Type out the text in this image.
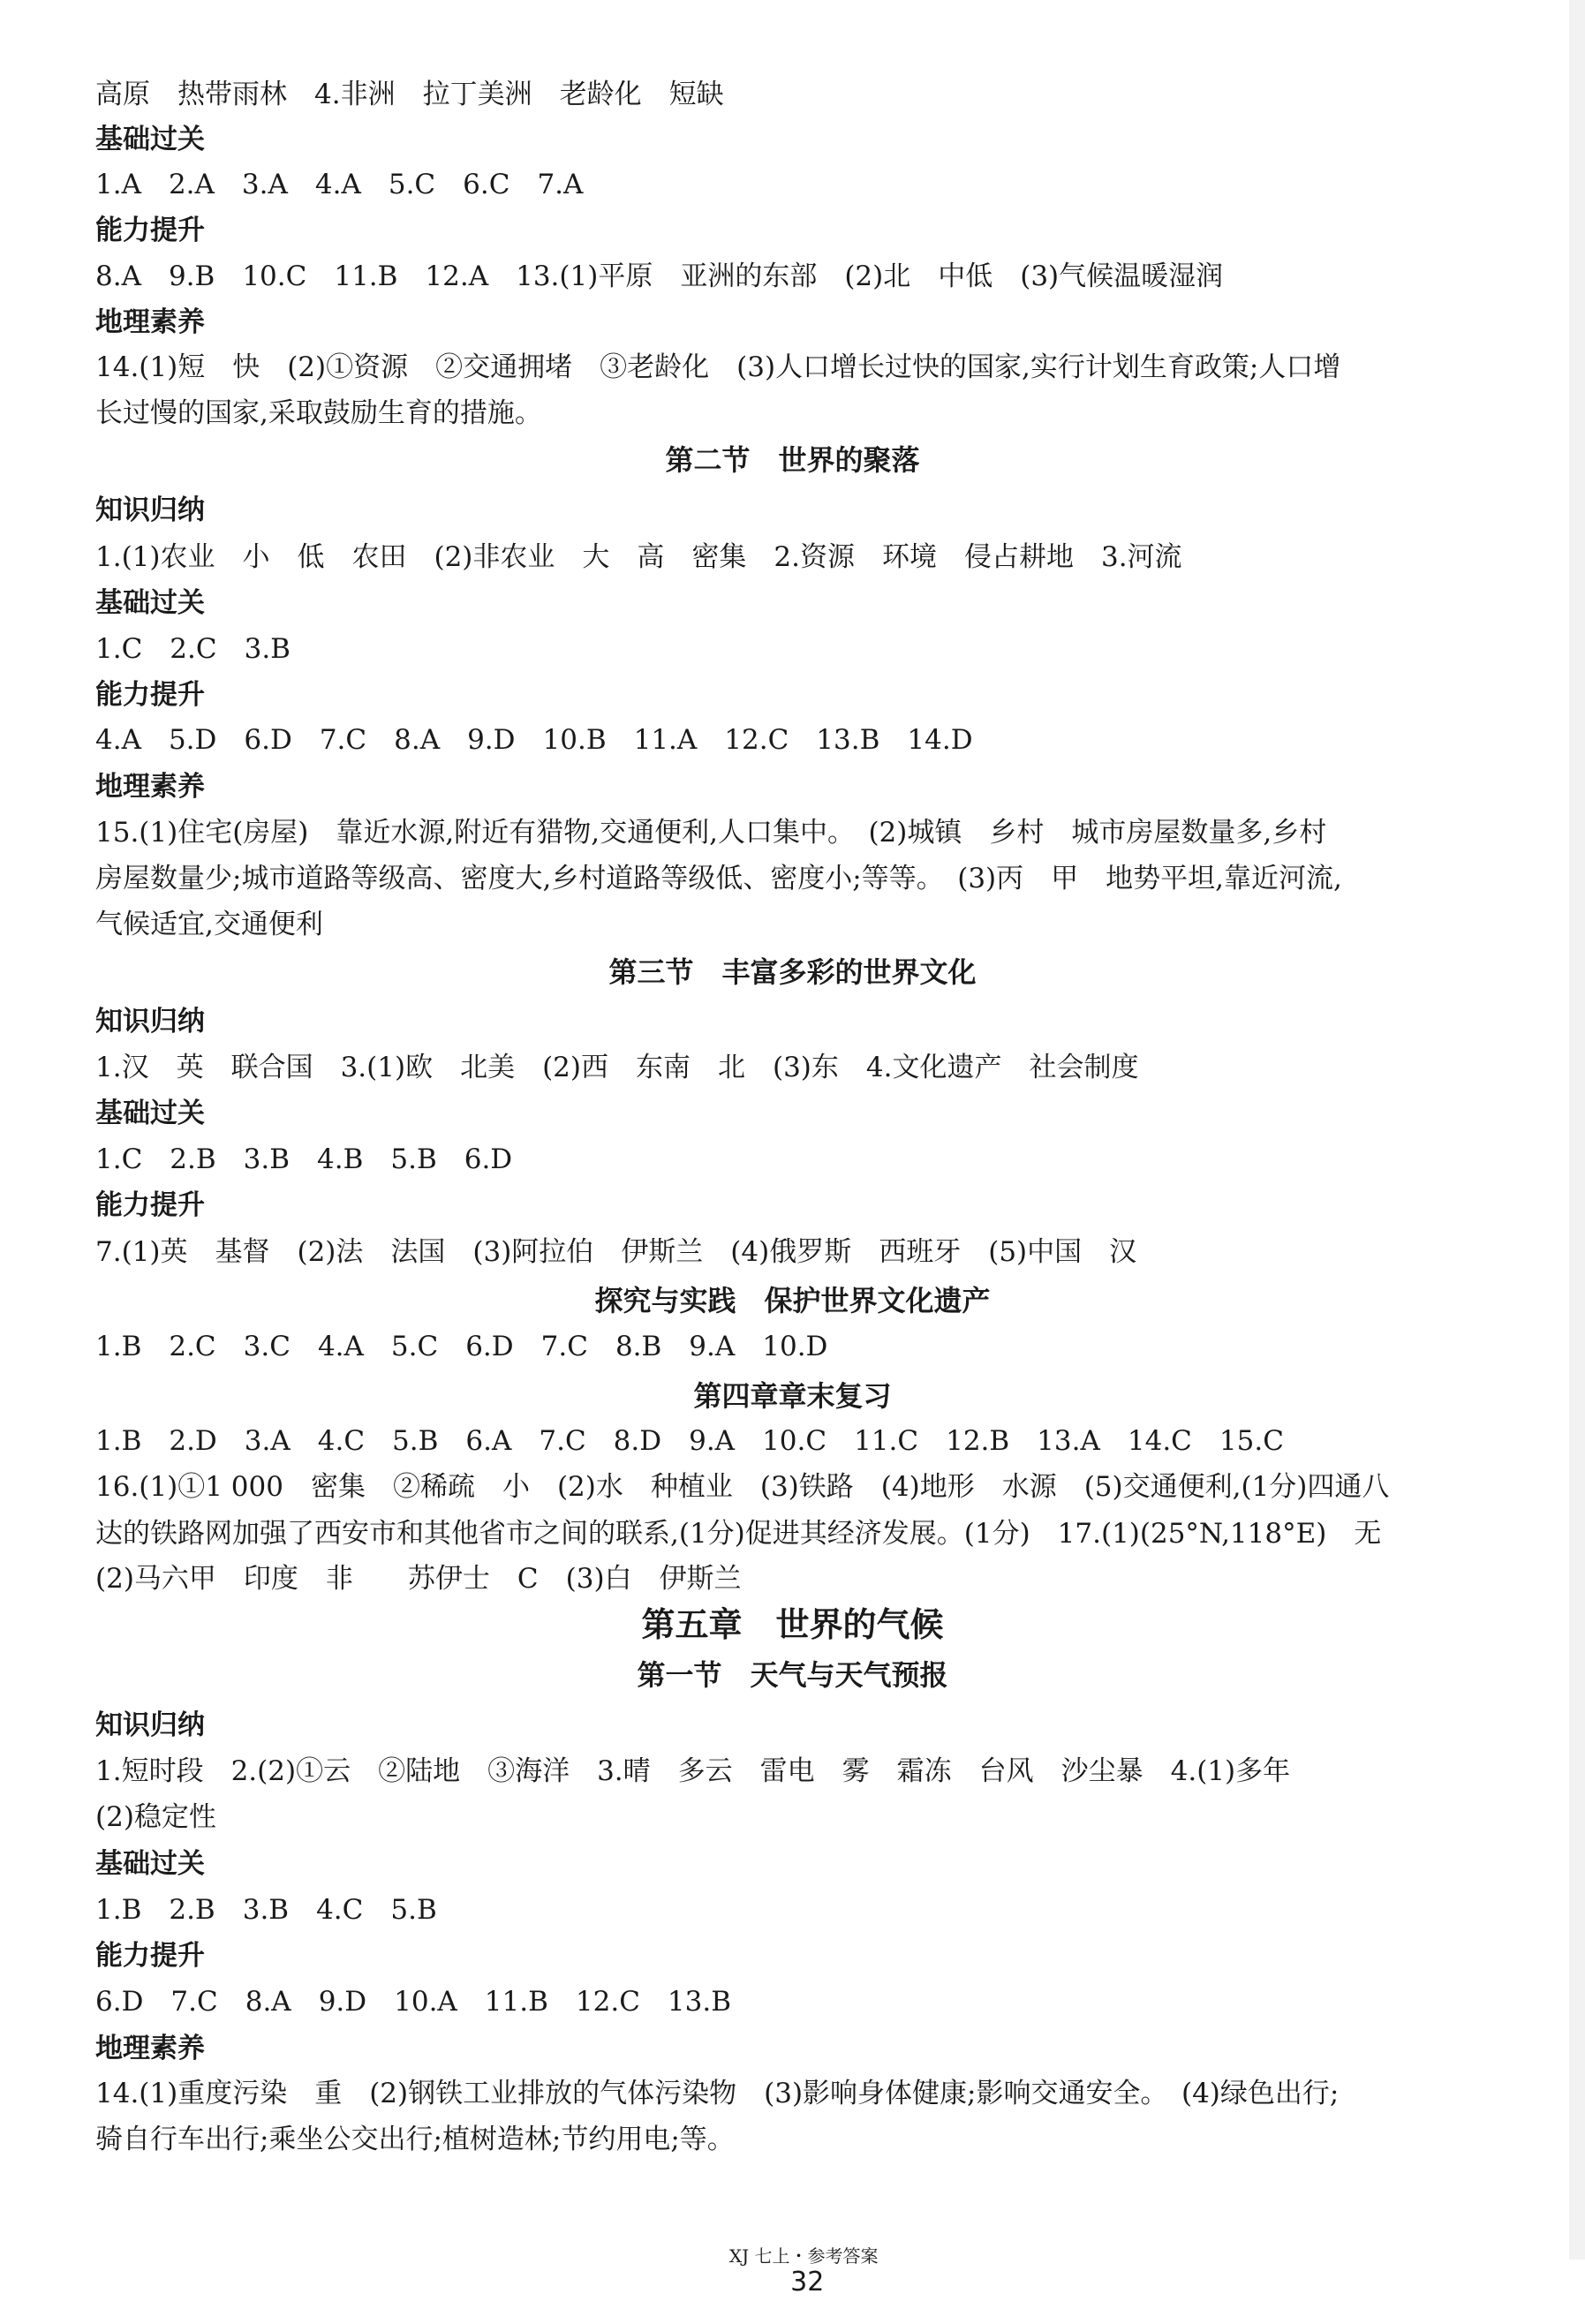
高原　热带雨林　4.非洲　拉丁美洲　老龄化　短缺
基础过关
1.A　2.A　3.A　4.A　5.C　6.C　7.A
能力提升
8.A　9.B　10.C　11.B　12.A　13.(1)平原　亚洲的东部　(2)北　中低　(3)气候温暖湿润
地理素养
14.(1)短　快　(2)①资源　②交通拥堵　③老龄化　(3)人口增长过快的国家,实行计划生育政策;人口增
长过慢的国家,采取鼓励生育的措施。
第二节　世界的聚落
知识归纳
1.(1)农业　小　低　农田　(2)非农业　大　高　密集　2.资源　环境　侵占耕地　3.河流
基础过关
1.C　2.C　3.B
能力提升
4.A　5.D　6.D　7.C　8.A　9.D　10.B　11.A　12.C　13.B　14.D
地理素养
15.(1)住宅(房屋)　靠近水源,附近有猎物,交通便利,人口集中。　(2)城镇　乡村　城市房屋数量多,乡村
房屋数量少;城市道路等级高、密度大,乡村道路等级低、密度小;等等。　(3)丙　甲　地势平坦,靠近河流,
气候适宜,交通便利
第三节　丰富多彩的世界文化
知识归纳
1.汉　英　联合国　3.(1)欧　北美　(2)西　东南　北　(3)东　4.文化遗产　社会制度
基础过关
1.C　2.B　3.B　4.B　5.B　6.D
能力提升
7.(1)英　基督　(2)法　法国　(3)阿拉伯　伊斯兰　(4)俄罗斯　西班牙　(5)中国　汉
探究与实践　保护世界文化遗产
1.B　2.C　3.C　4.A　5.C　6.D　7.C　8.B　9.A　10.D
第四章章末复习
1.B　2.D　3.A　4.C　5.B　6.A　7.C　8.D　9.A　10.C　11.C　12.B　13.A　14.C　15.C
16.(1)①1 000　密集　②稀疏　小　(2)水　种植业　(3)铁路　(4)地形　水源　(5)交通便利,(1分)四通八
达的铁路网加强了西安市和其他省市之间的联系,(1分)促进其经济发展。(1分)　17.(1)(25°N,118°E)　无
(2)马六甲　印度　非　　苏伊士　C　(3)白　伊斯兰
第五章　世界的气候
第一节　天气与天气预报
知识归纳
1.短时段　2.(2)①云　②陆地　③海洋　3.晴　多云　雷电　雾　霜冻　台风　沙尘暴　4.(1)多年
(2)稳定性
基础过关
1.B　2.B　3.B　4.C　5.B
能力提升
6.D　7.C　8.A　9.D　10.A　11.B　12.C　13.B
地理素养
14.(1)重度污染　重　(2)钢铁工业排放的气体污染物　(3)影响身体健康;影响交通安全。　(4)绿色出行;
骑自行车出行;乘坐公交出行;植树造林;节约用电;等。

XJ 七上・参考答案
32
